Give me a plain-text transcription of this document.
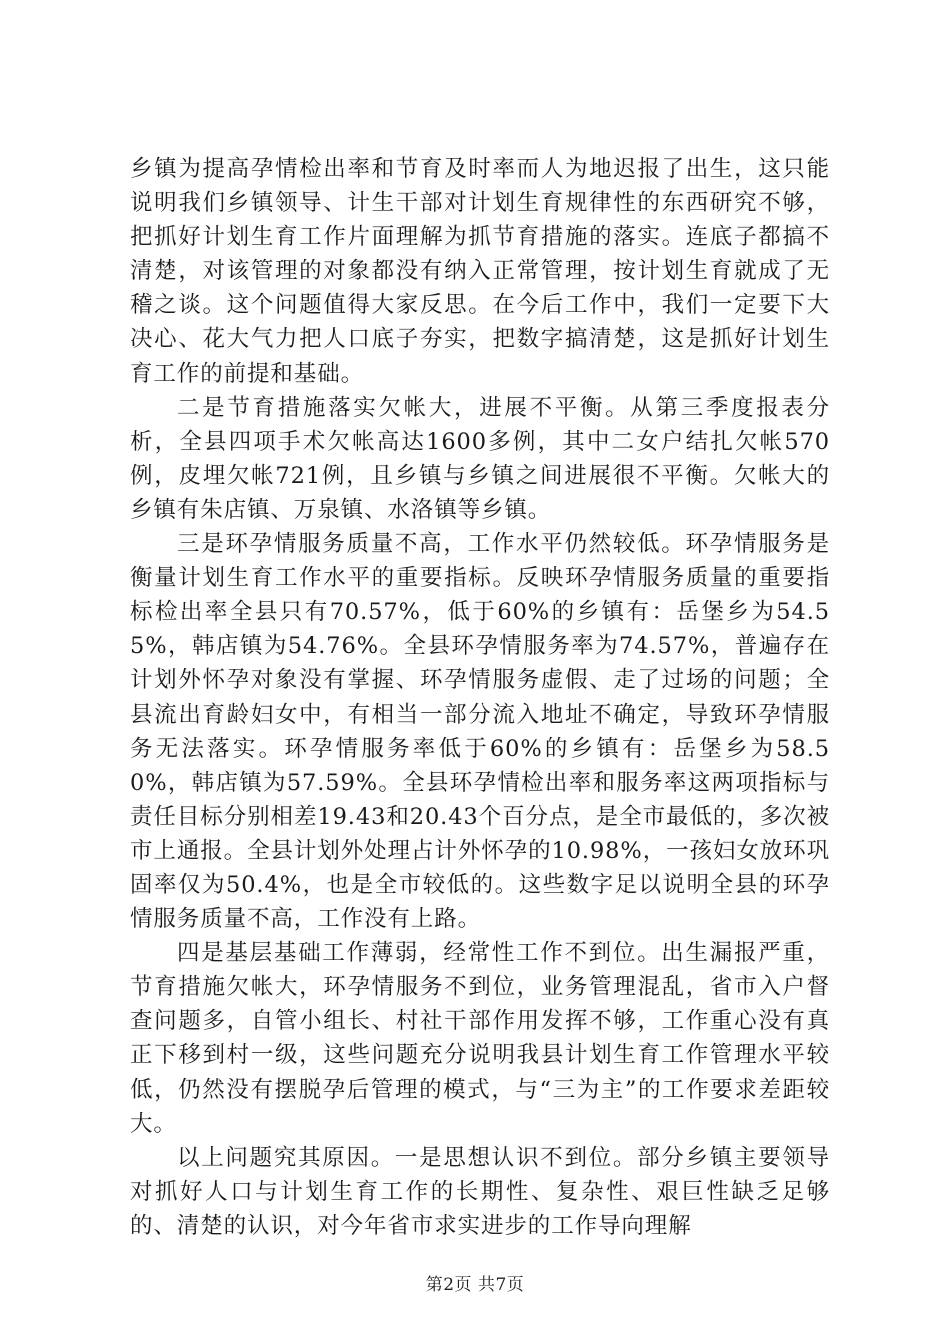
乡镇为提高孕情检出率和节育及时率而人为地迟报了出生，这只能说明我们乡镇领导、计生干部对计划生育规律性的东西研究不够，把抓好计划生育工作片面理解为抓节育措施的落实。连底子都搞不清楚，对该管理的对象都没有纳入正常管理，按计划生育就成了无稽之谈。这个问题值得大家反思。在今后工作中，我们一定要下大决心、花大气力把人口底子夯实，把数字搞清楚，这是抓好计划生育工作的前提和基础。

二是节育措施落实欠帐大，进展不平衡。从第三季度报表分析，全县四项手术欠帐高达1600多例，其中二女户结扎欠帐570例，皮埋欠帐721例，且乡镇与乡镇之间进展很不平衡。欠帐大的乡镇有朱店镇、万泉镇、水洛镇等乡镇。

三是环孕情服务质量不高，工作水平仍然较低。环孕情服务是衡量计划生育工作水平的重要指标。反映环孕情服务质量的重要指标检出率全县只有70.57%，低于60%的乡镇有：岳堡乡为54.55%，韩店镇为54.76%。全县环孕情服务率为74.57%，普遍存在计划外怀孕对象没有掌握、环孕情服务虚假、走了过场的问题；全县流出育龄妇女中，有相当一部分流入地址不确定，导致环孕情服务无法落实。环孕情服务率低于60%的乡镇有：岳堡乡为58.50%，韩店镇为57.59%。全县环孕情检出率和服务率这两项指标与责任目标分别相差19.43和20.43个百分点，是全市最低的，多次被市上通报。全县计划外处理占计外怀孕的10.98%，一孩妇女放环巩固率仅为50.4%，也是全市较低的。这些数字足以说明全县的环孕情服务质量不高，工作没有上路。

四是基层基础工作薄弱，经常性工作不到位。出生漏报严重，节育措施欠帐大，环孕情服务不到位，业务管理混乱，省市入户督查问题多，自管小组长、村社干部作用发挥不够，工作重心没有真正下移到村一级，这些问题充分说明我县计划生育工作管理水平较低，仍然没有摆脱孕后管理的模式，与“三为主”的工作要求差距较大。

以上问题究其原因。一是思想认识不到位。部分乡镇主要领导对抓好人口与计划生育工作的长期性、复杂性、艰巨性缺乏足够的、清楚的认识，对今年省市求实进步的工作导向理解

第2页 共7页
